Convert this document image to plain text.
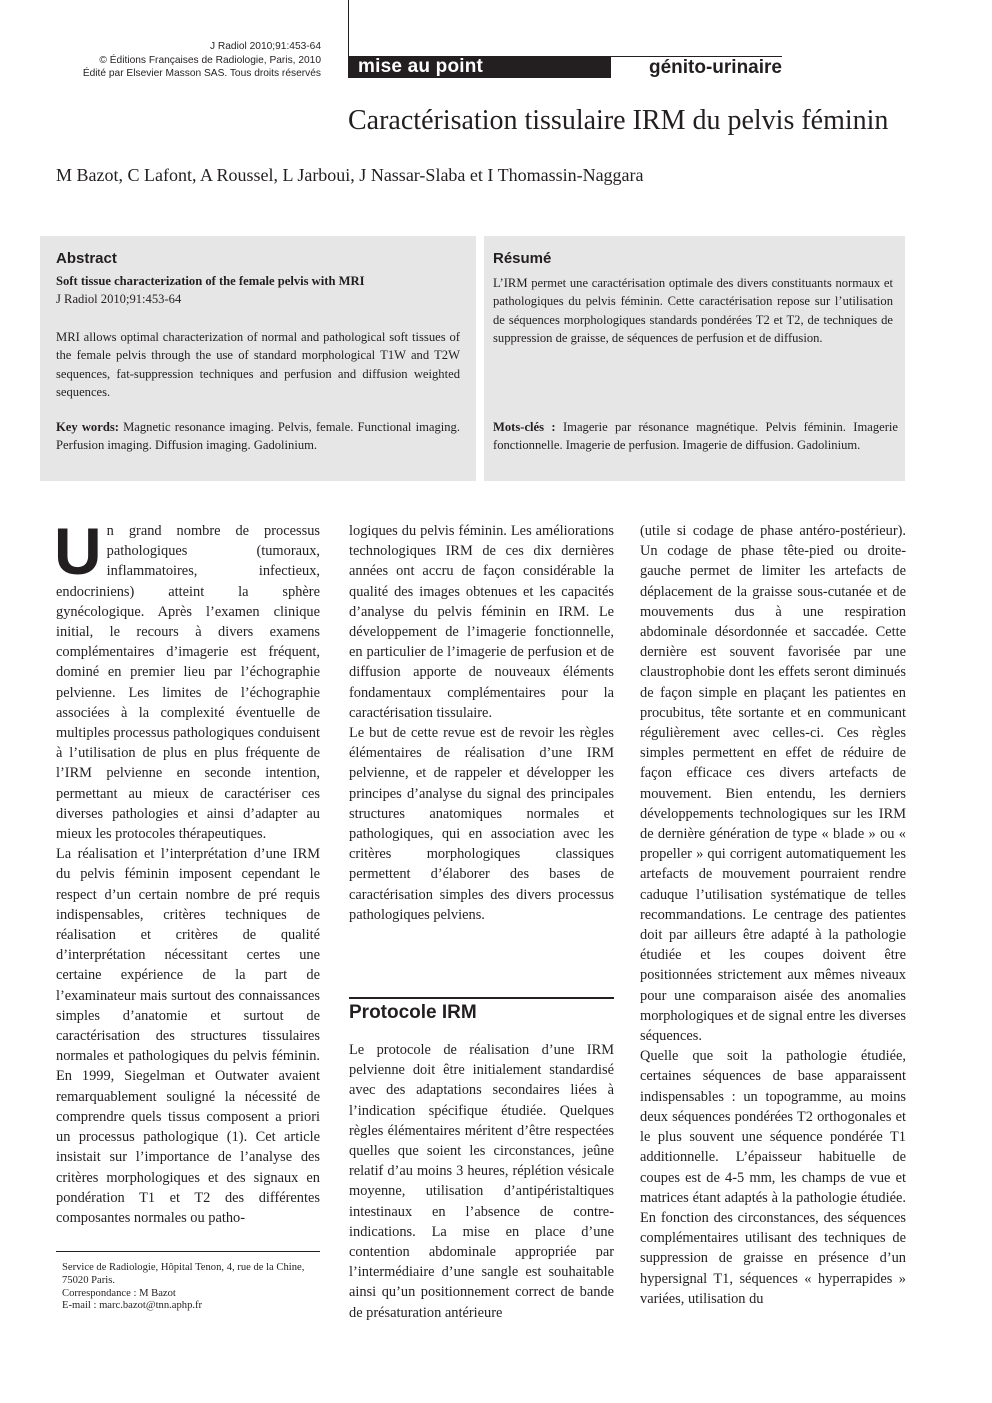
J Radiol 2010;91:453-64
© Éditions Françaises de Radiologie, Paris, 2010
Édité par Elsevier Masson SAS. Tous droits réservés	mise au point	génito-urinaire
Caractérisation tissulaire IRM du pelvis féminin
M Bazot, C Lafont, A Roussel, L Jarboui, J Nassar-Slaba et I Thomassin-Naggara
Abstract

Soft tissue characterization of the female pelvis with MRI
J Radiol 2010;91:453-64

MRI allows optimal characterization of normal and pathological soft tissues of the female pelvis through the use of standard morphological T1W and T2W sequences, fat-suppression techniques and perfusion and diffusion weighted sequences.

Key words: Magnetic resonance imaging. Pelvis, female. Functional imaging. Perfusion imaging. Diffusion imaging. Gadolinium.

Résumé

L’IRM permet une caractérisation optimale des divers constituants normaux et pathologiques du pelvis féminin. Cette caractérisation repose sur l’utilisation de séquences morphologiques standards pondérées T2 et T2, de techniques de suppression de graisse, de séquences de perfusion et de diffusion.

Mots-clés : Imagerie par résonance magnétique. Pelvis féminin. Imagerie fonctionnelle. Imagerie de perfusion. Imagerie de diffusion. Gadolinium.

Un grand nombre de processus pathologiques (tumoraux, inflammatoires, infectieux, endocriniens) atteint la sphère gynécologique. Après l’examen clinique initial, le recours à divers examens complémentaires d’imagerie est fréquent, dominé en premier lieu par l’échographie pelvienne. Les limites de l’échographie associées à la complexité éventuelle de multiples processus pathologiques conduisent à l’utilisation de plus en plus fréquente de l’IRM pelvienne en seconde intention, permettant au mieux de caractériser ces diverses pathologies et ainsi d’adapter au mieux les protocoles thérapeutiques.

La réalisation et l’interprétation d’une IRM du pelvis féminin imposent cependant le respect d’un certain nombre de pré requis indispensables, critères techniques de réalisation et critères de qualité d’interprétation nécessitant certes une certaine expérience de la part de l’examinateur mais surtout des connaissances simples d’anatomie et surtout de caractérisation des structures tissulaires normales et pathologiques du pelvis féminin. En 1999, Siegelman et Outwater avaient remarquablement souligné la nécessité de comprendre quels tissus composent a priori un processus pathologique (1). Cet article insistait sur l’importance de l’analyse des critères morphologiques et des signaux en pondération T1 et T2 des différentes composantes normales ou patho-

logiques du pelvis féminin. Les améliorations technologiques IRM de ces dix dernières années ont accru de façon considérable la qualité des images obtenues et les capacités d’analyse du pelvis féminin en IRM. Le développement de l’imagerie fonctionnelle, en particulier de l’imagerie de perfusion et de diffusion apporte de nouveaux éléments fondamentaux complémentaires pour la caractérisation tissulaire.

Le but de cette revue est de revoir les règles élémentaires de réalisation d’une IRM pelvienne, et de rappeler et développer les principes d’analyse du signal des principales structures anatomiques normales et pathologiques, qui en association avec les critères morphologiques classiques permettent d’élaborer des bases de caractérisation simples des divers processus pathologiques pelviens.

Protocole IRM

Le protocole de réalisation d’une IRM pelvienne doit être initialement standardisé avec des adaptations secondaires liées à l’indication spécifique étudiée. Quelques règles élémentaires méritent d’être respectées quelles que soient les circonstances, jeûne relatif d’au moins 3 heures, réplétion vésicale moyenne, utilisation d’antipéristaltiques intestinaux en l’absence de contre-indications. La mise en place d’une contention abdominale appropriée par l’intermédiaire d’une sangle est souhaitable ainsi qu’un positionnement correct de bande de présaturation antérieure

(utile si codage de phase antéro-postérieur). Un codage de phase tête-pied ou droite-gauche permet de limiter les artefacts de déplacement de la graisse sous-cutanée et de mouvements dus à une respiration abdominale désordonnée et saccadée. Cette dernière est souvent favorisée par une claustrophobie dont les effets seront diminués de façon simple en plaçant les patientes en procubitus, tête sortante et en communicant régulièrement avec celles-ci. Ces règles simples permettent en effet de réduire de façon efficace ces divers artefacts de mouvement. Bien entendu, les derniers développements technologiques sur les IRM de dernière génération de type « blade » ou « propeller » qui corrigent automatiquement les artefacts de mouvement pourraient rendre caduque l’utilisation systématique de telles recommandations. Le centrage des patientes doit par ailleurs être adapté à la pathologie étudiée et les coupes doivent être positionnées strictement aux mêmes niveaux pour une comparaison aisée des anomalies morphologiques et de signal entre les diverses séquences.

Quelle que soit la pathologie étudiée, certaines séquences de base apparaissent indispensables : un topogramme, au moins deux séquences pondérées T2 orthogonales et le plus souvent une séquence pondérée T1 additionnelle. L’épaisseur habituelle de coupes est de 4-5 mm, les champs de vue et matrices étant adaptés à la pathologie étudiée. En fonction des circonstances, des séquences complémentaires utilisant des techniques de suppression de graisse en présence d’un hypersignal T1, séquences « hyperrapides » variées, utilisation du

Service de Radiologie, Hôpital Tenon, 4, rue de la Chine,
75020 Paris.
Correspondance : M Bazot
E-mail : marc.bazot@tnn.aphp.fr
